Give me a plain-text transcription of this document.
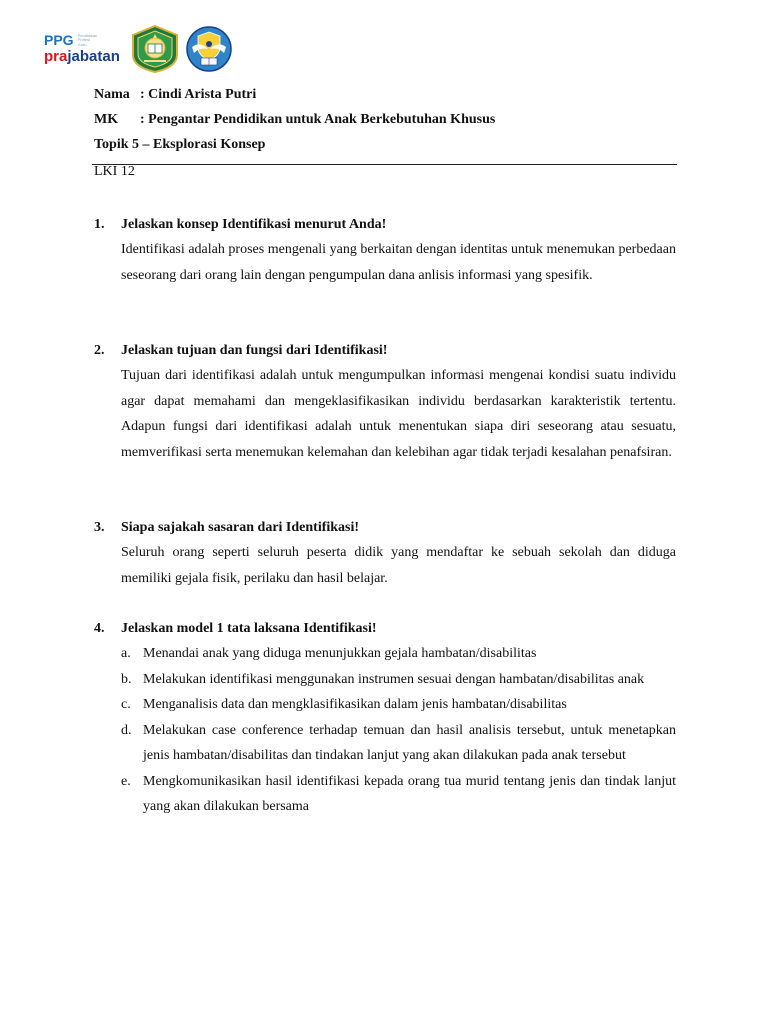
PPG Pendidikan
Profesi
Guru
prajabatan
Nama : Cindi Arista Putri
MK : Pengantar Pendidikan untuk Anak Berkebutuhan Khusus
Topik 5 – Eksplorasi Konsep
LKI 12
1.	Jelaskan konsep Identifikasi menurut Anda!
Identifikasi adalah proses mengenali yang berkaitan dengan identitas untuk menemukan perbedaan seseorang dari orang lain dengan pengumpulan dana anlisis informasi yang spesifik.
2.	Jelaskan tujuan dan fungsi dari Identifikasi!
Tujuan dari identifikasi adalah untuk mengumpulkan informasi mengenai kondisi suatu individu agar dapat memahami dan mengeklasifikasikan individu berdasarkan karakteristik tertentu. Adapun fungsi dari identifikasi adalah untuk menentukan siapa diri seseorang atau sesuatu, memverifikasi serta menemukan kelemahan dan kelebihan agar tidak terjadi kesalahan penafsiran.
3.	Siapa sajakah sasaran dari Identifikasi!
Seluruh orang seperti seluruh peserta didik yang mendaftar ke sebuah sekolah dan diduga memiliki gejala fisik, perilaku dan hasil belajar.
4.	Jelaskan model 1 tata laksana Identifikasi!
a. Menandai anak yang diduga menunjukkan gejala hambatan/disabilitas
b. Melakukan identifikasi menggunakan instrumen sesuai dengan hambatan/disabilitas anak
c. Menganalisis data dan mengklasifikasikan dalam jenis hambatan/disabilitas
d. Melakukan case conference terhadap temuan dan hasil analisis tersebut, untuk menetapkan jenis hambatan/disabilitas dan tindakan lanjut yang akan dilakukan pada anak tersebut
e. Mengkomunikasikan hasil identifikasi kepada orang tua murid tentang jenis dan tindak lanjut yang akan dilakukan bersama
